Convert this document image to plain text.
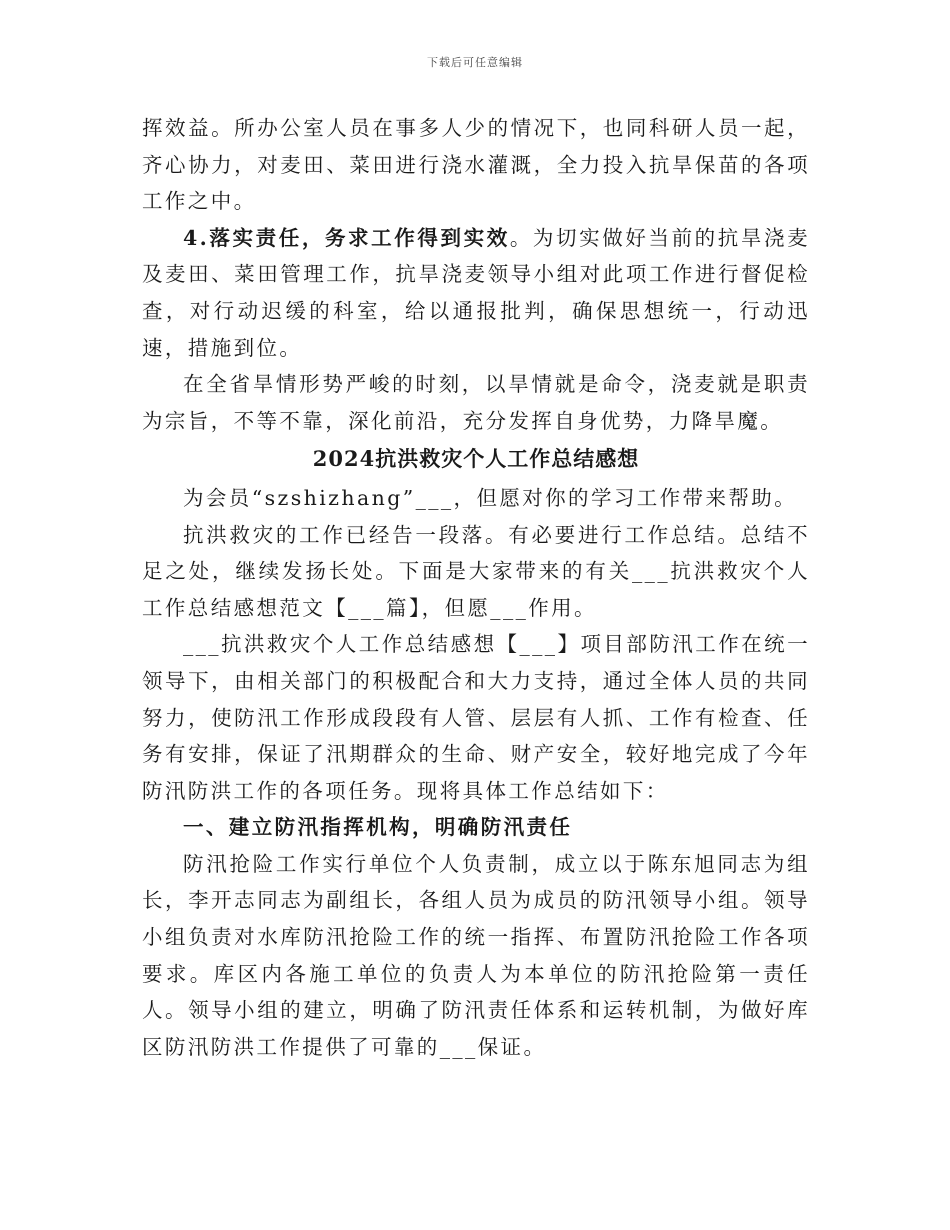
下载后可任意编辑

挥效益。所办公室人员在事多人少的情况下，也同科研人员一起，齐心协力，对麦田、菜田进行浇水灌溉，全力投入抗旱保苗的各项工作之中。

4.落实责任，务求工作得到实效。为切实做好当前的抗旱浇麦及麦田、菜田管理工作，抗旱浇麦领导小组对此项工作进行督促检查，对行动迟缓的科室，给以通报批判，确保思想统一，行动迅速，措施到位。

在全省旱情形势严峻的时刻，以旱情就是命令，浇麦就是职责为宗旨，不等不靠，深化前沿，充分发挥自身优势，力降旱魔。

2024抗洪救灾个人工作总结感想

为会员“szshizhang”___，但愿对你的学习工作带来帮助。

抗洪救灾的工作已经告一段落。有必要进行工作总结。总结不足之处，继续发扬长处。下面是大家带来的有关___抗洪救灾个人工作总结感想范文【___篇】，但愿___作用。

___抗洪救灾个人工作总结感想【___】项目部防汛工作在统一领导下，由相关部门的积极配合和大力支持，通过全体人员的共同努力，使防汛工作形成段段有人管、层层有人抓、工作有检查、任务有安排，保证了汛期群众的生命、财产安全，较好地完成了今年防汛防洪工作的各项任务。现将具体工作总结如下：

一、建立防汛指挥机构，明确防汛责任

防汛抢险工作实行单位个人负责制，成立以于陈东旭同志为组长，李开志同志为副组长，各组人员为成员的防汛领导小组。领导小组负责对水库防汛抢险工作的统一指挥、布置防汛抢险工作各项要求。库区内各施工单位的负责人为本单位的防汛抢险第一责任人。领导小组的建立，明确了防汛责任体系和运转机制，为做好库区防汛防洪工作提供了可靠的___保证。
